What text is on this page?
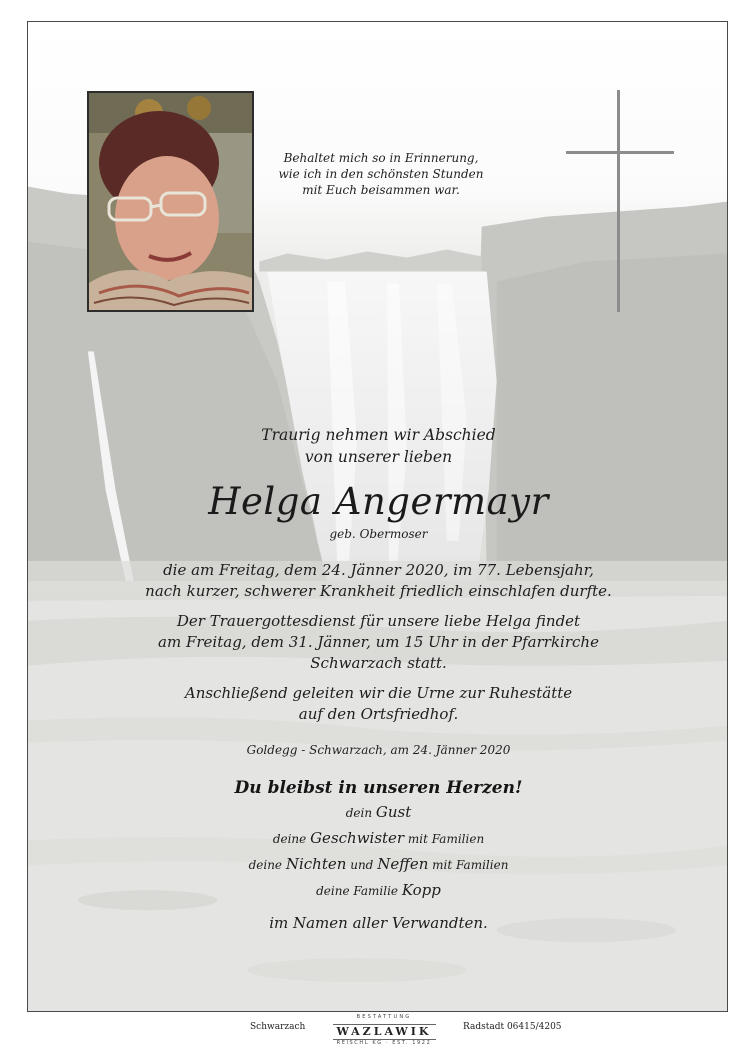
Behaltet mich so in Erinnerung,
wie ich in den schönsten Stunden
mit Euch beisammen war.

Traurig nehmen wir Abschied

von unserer lieben

Helga Angermayr

geb. Obermoser

die am Freitag, dem 24. Jänner 2020, im 77. Lebensjahr,

nach kurzer, schwerer Krankheit friedlich einschlafen durfte.

Der Trauergottesdienst für unsere liebe Helga findet

am Freitag, dem 31. Jänner, um 15 Uhr in der Pfarrkirche

Schwarzach statt.

Anschließend geleiten wir die Urne zur Ruhestätte

auf den Ortsfriedhof.

Goldegg - Schwarzach, am 24. Jänner 2020

Du bleibst in unseren Herzen!

dein Gust
deine Geschwister mit Familien
deine Nichten und Neffen mit Familien
deine Familie Kopp

im Namen aller Verwandten.

Schwarzach
BESTATTUNG
WAZLAWIK
REISCHL KG · EST. 1922
Radstadt 06415/4205
